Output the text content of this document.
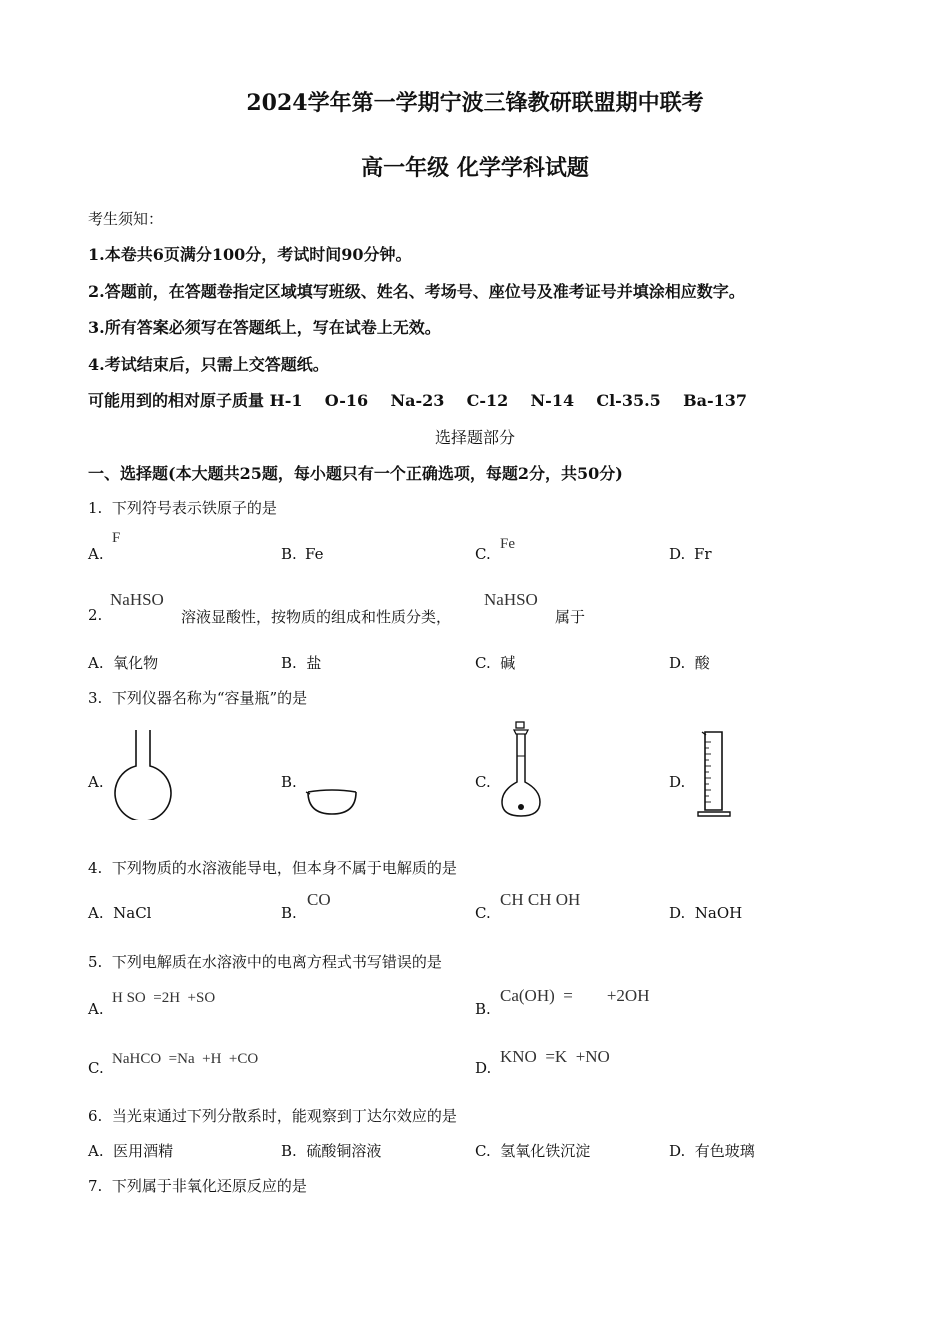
2024学年第一学期宁波三锋教研联盟期中联考
高一年级 化学学科试题
考生须知：
1.本卷共6页满分100分，考试时间90分钟。
2.答题前，在答题卷指定区域填写班级、姓名、考场号、座位号及准考证号并填涂相应数字。
3.所有答案必须写在答题纸上，写在试卷上无效。
4.考试结束后，只需上交答题纸。
可能用到的相对原子质量 H-1    O-16    Na-23    C-12    N-14    Cl-35.5    Ba-137
选择题部分
一、选择题(本大题共25题，每小题只有一个正确选项，每题2分，共50分)
1.  下列符号表示铁原子的是
A.
F
B. Fe	C.
Fe
D. Fr
2.
NaHSO
溶液显酸性，按物质的组成和性质分类，
NaHSO
属于
A.  氧化物	B.  盐	C.  碱	D.  酸
3.  下列仪器名称为“容量瓶”的是
A.	B.	C.	D.
4.  下列物质的水溶液能导电，但本身不属于电解质的是
A.  NaCl	B.
CO
C.
CH CH OH
D.  NaOH
5.  下列电解质在水溶液中的电离方程式书写错误的是
A.
H SO  =2H  +SO
B.
Ca(OH)  =        +2OH
C. NaHCO  =Na  +H  +CO	D.
KNO  =K  +NO
6.  当光束通过下列分散系时，能观察到丁达尔效应的是
A.  医用酒精	B.  硫酸铜溶液	C.  氢氧化铁沉淀	D.  有色玻璃
7.  下列属于非氧化还原反应的是
